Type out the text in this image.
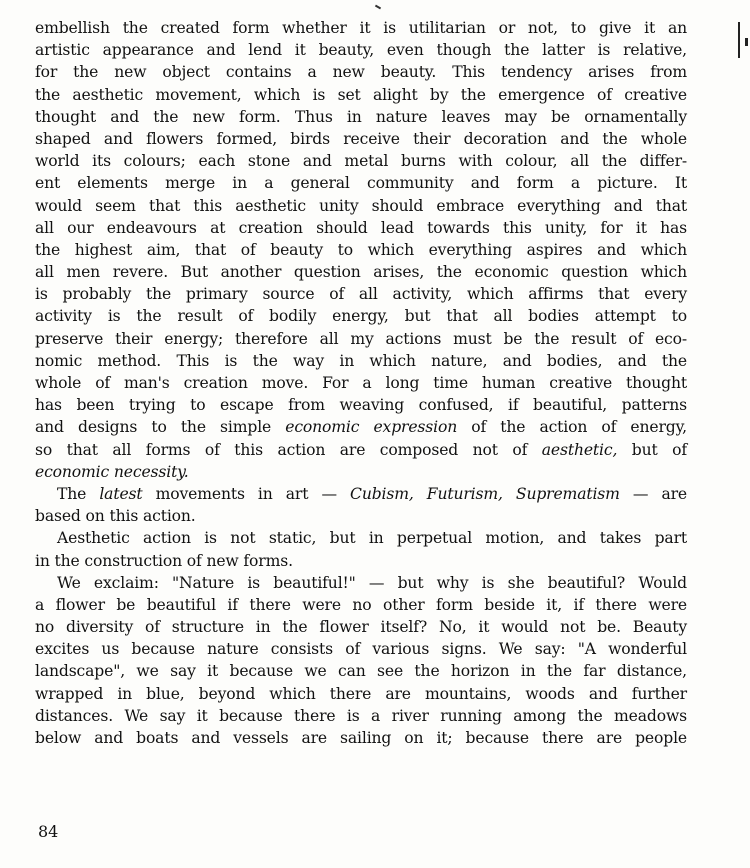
embellish the created form whether it is utilitarian or not, to give it an
artistic appearance and lend it beauty, even though the latter is relative,
for the new object contains a new beauty. This tendency arises from
the aesthetic movement, which is set alight by the emergence of creative
thought and the new form. Thus in nature leaves may be ornamentally
shaped and flowers formed, birds receive their decoration and the whole
world its colours; each stone and metal burns with colour, all the differ-
ent elements merge in a general community and form a picture. It
would seem that this aesthetic unity should embrace everything and that
all our endeavours at creation should lead towards this unity, for it has
the highest aim, that of beauty to which everything aspires and which
all men revere. But another question arises, the economic question which
is probably the primary source of all activity, which affirms that every
activity is the result of bodily energy, but that all bodies attempt to
preserve their energy; therefore all my actions must be the result of eco-
nomic method. This is the way in which nature, and bodies, and the
whole of man's creation move. For a long time human creative thought
has been trying to escape from weaving confused, if beautiful, patterns
and designs to the simple economic expression of the action of energy,
so that all forms of this action are composed not of aesthetic, but of
economic necessity.
The latest movements in art — Cubism, Futurism, Suprematism — are
based on this action.
Aesthetic action is not static, but in perpetual motion, and takes part
in the construction of new forms.
We exclaim: "Nature is beautiful!" — but why is she beautiful? Would
a flower be beautiful if there were no other form beside it, if there were
no diversity of structure in the flower itself? No, it would not be. Beauty
excites us because nature consists of various signs. We say: "A wonderful
landscape", we say it because we can see the horizon in the far distance,
wrapped in blue, beyond which there are mountains, woods and further
distances. We say it because there is a river running among the meadows
below and boats and vessels are sailing on it; because there are people
84
